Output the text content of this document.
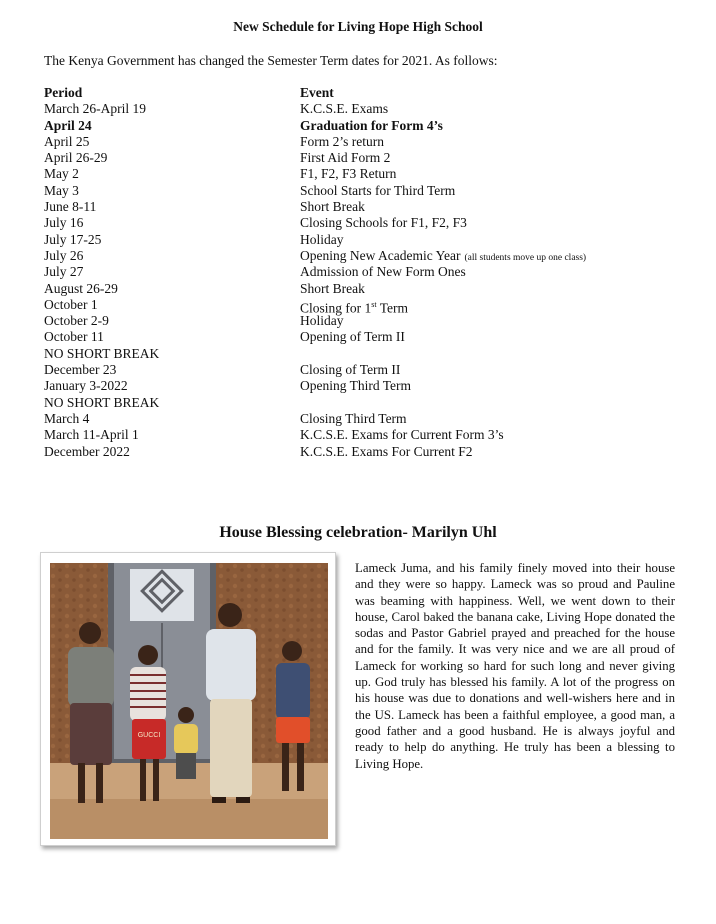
New Schedule for Living Hope High School
The Kenya Government has changed the Semester Term dates for 2021. As follows:
Period	Event
March 26-April 19	K.C.S.E. Exams
April 24	Graduation for Form 4’s
April 25	Form 2’s return
April 26-29	First Aid Form 2
May 2	F1, F2, F3 Return
May 3	School Starts for Third Term
June 8-11	Short Break
July 16	Closing Schools for F1, F2, F3
July 17-25	Holiday
July 26	Opening New Academic Year (all students move up one class)
July 27	Admission of New Form Ones
August 26-29	Short Break
October 1	Closing for 1st Term
October 2-9	Holiday
October 11	Opening of Term II
NO SHORT BREAK
December 23	Closing of Term II
January 3-2022	Opening Third Term
NO SHORT BREAK
March 4	Closing Third Term
March 11-April 1	K.C.S.E. Exams for Current Form 3’s
December 2022	K.C.S.E. Exams For Current F2
House Blessing celebration- Marilyn Uhl
GUCCI
Lameck Juma, and his family finely moved into their house and they were so happy. Lameck was so proud and Pauline was beaming with happiness. Well, we went down to their house, Carol baked the banana cake, Living Hope donated the sodas and Pastor Gabriel prayed and preached for the house and for the family. It was very nice and we are all proud of Lameck for working so hard for such long and never giving up. God truly has blessed his family. A lot of the progress on his house was due to donations and well-wishers here and in the US. Lameck has been a faithful employee, a good man, a good father and a good husband. He is always joyful and ready to help do anything. He truly has been a blessing to Living Hope.
